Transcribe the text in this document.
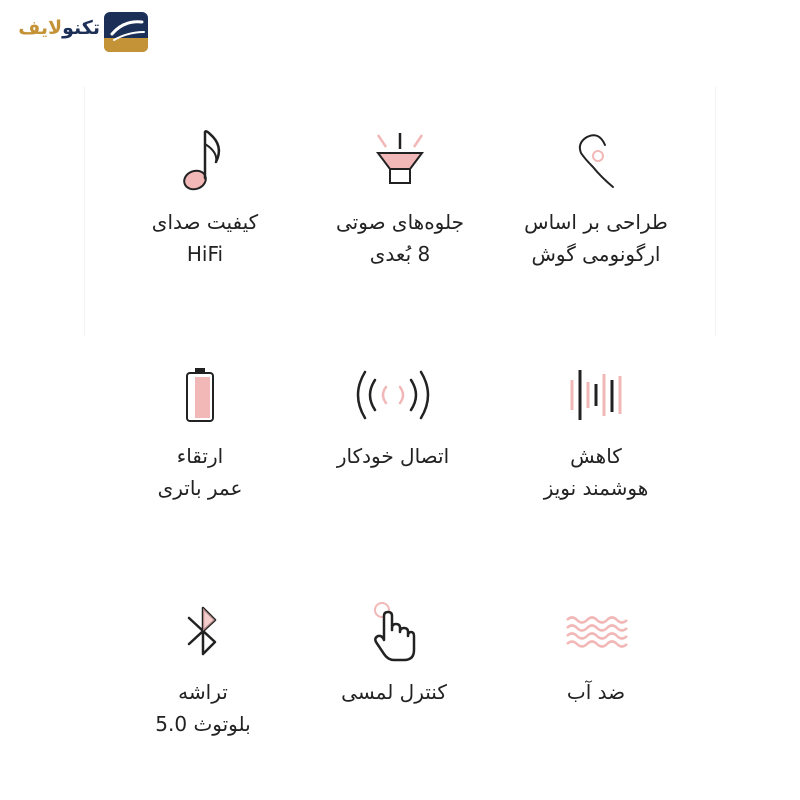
تکنولایف
طراحی بر اساس
ارگونومی گوش
جلوه‌های صوتی
8 بُعدی
کیفیت صدای
HiFi
کاهش
هوشمند نویز
اتصال خودکار
ارتقاء
عمر باتری
ضد آب
کنترل لمسی
تراشه
بلوتوث 5.0
